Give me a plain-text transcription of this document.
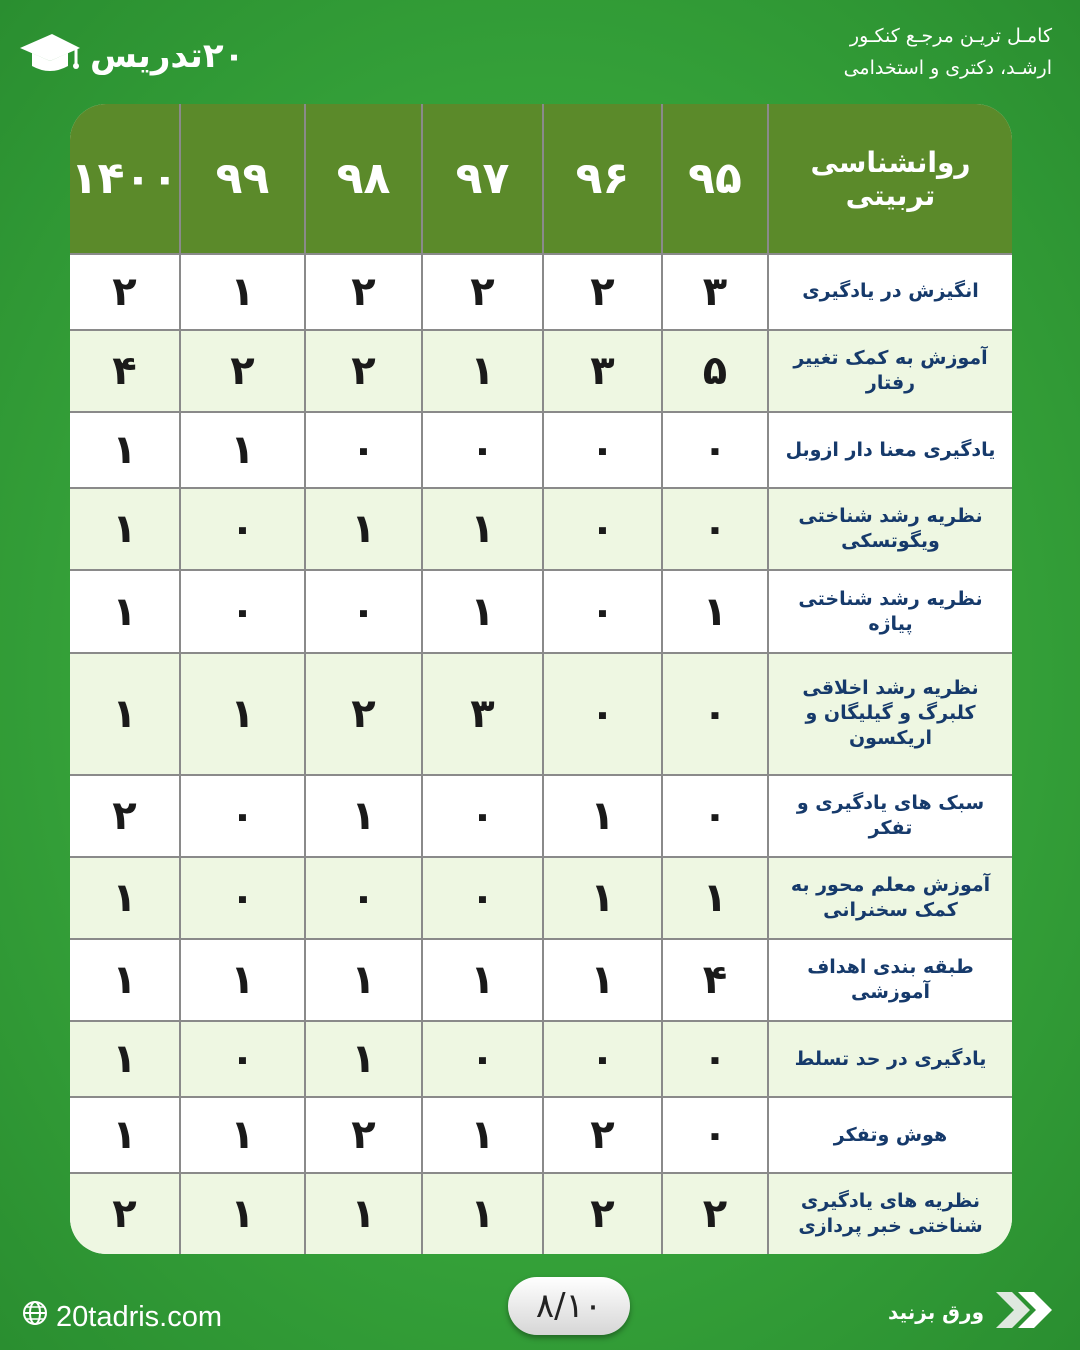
۲۰تدریس	کامـل تریـن مرجـع کنکـور
ارشـد، دکتری و استخدامی
روانشناسی تربیتی	۹۵	۹۶	۹۷	۹۸	۹۹	۱۴۰۰
انگیزش در یادگیری	۳	۲	۲	۲	۱	۲
آموزش به کمک تغییر رفتار	۵	۳	۱	۲	۲	۴
یادگیری معنا دار ازوبل	۰	۰	۰	۰	۱	۱
نظریه رشد شناختی ویگوتسکی	۰	۰	۱	۱	۰	۱
نظریه رشد شناختی پیاژه	۱	۰	۱	۰	۰	۱
نظریه رشد اخلاقی کلبرگ و گیلیگان و اریکسون	۰	۰	۳	۲	۱	۱
سبک های یادگیری و تفکر	۰	۱	۰	۱	۰	۲
آموزش معلم محور به کمک سخنرانی	۱	۱	۰	۰	۰	۱
طبقه بندی اهداف آموزشی	۴	۱	۱	۱	۱	۱
یادگیری در حد تسلط	۰	۰	۰	۱	۰	۱
هوش وتفکر	۰	۲	۱	۲	۱	۱
نظریه های یادگیری شناختی خبر پردازی	۲	۲	۱	۱	۱	۲
20tadris.com	۸/۱۰	ورق بزنید
